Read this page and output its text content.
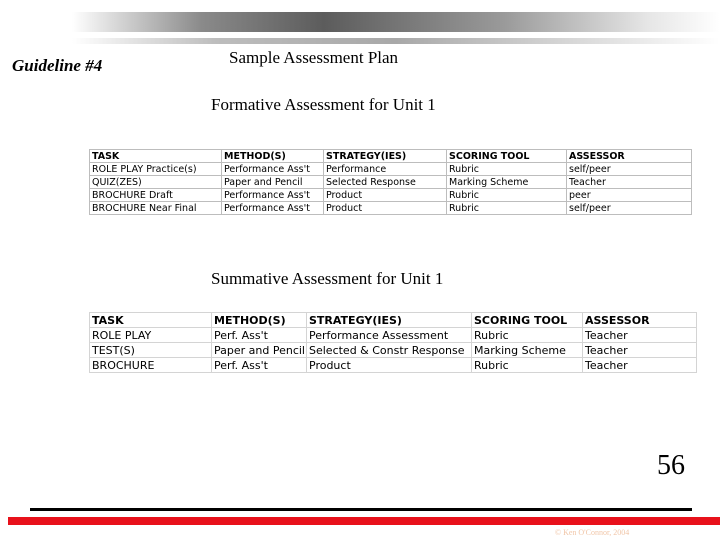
Guideline #4	Sample Assessment Plan
Formative Assessment for Unit 1
TASK	METHOD(S)	STRATEGY(IES)	SCORING TOOL	ASSESSOR
ROLE PLAY Practice(s)	Performance Ass't	Performance	Rubric	self/peer
QUIZ(ZES)	Paper and Pencil	Selected Response	Marking Scheme	Teacher
BROCHURE Draft	Performance Ass't	Product	Rubric	peer
BROCHURE Near Final	Performance Ass't	Product	Rubric	self/peer
Summative Assessment for Unit 1
TASK	METHOD(S)	STRATEGY(IES)	SCORING TOOL	ASSESSOR
ROLE PLAY	Perf. Ass't	Performance Assessment	Rubric	Teacher
TEST(S)	Paper and Pencil	Selected & Constr Response	Marking Scheme	Teacher
BROCHURE	Perf. Ass't	Product	Rubric	Teacher
56
© Ken O'Connor, 2004
